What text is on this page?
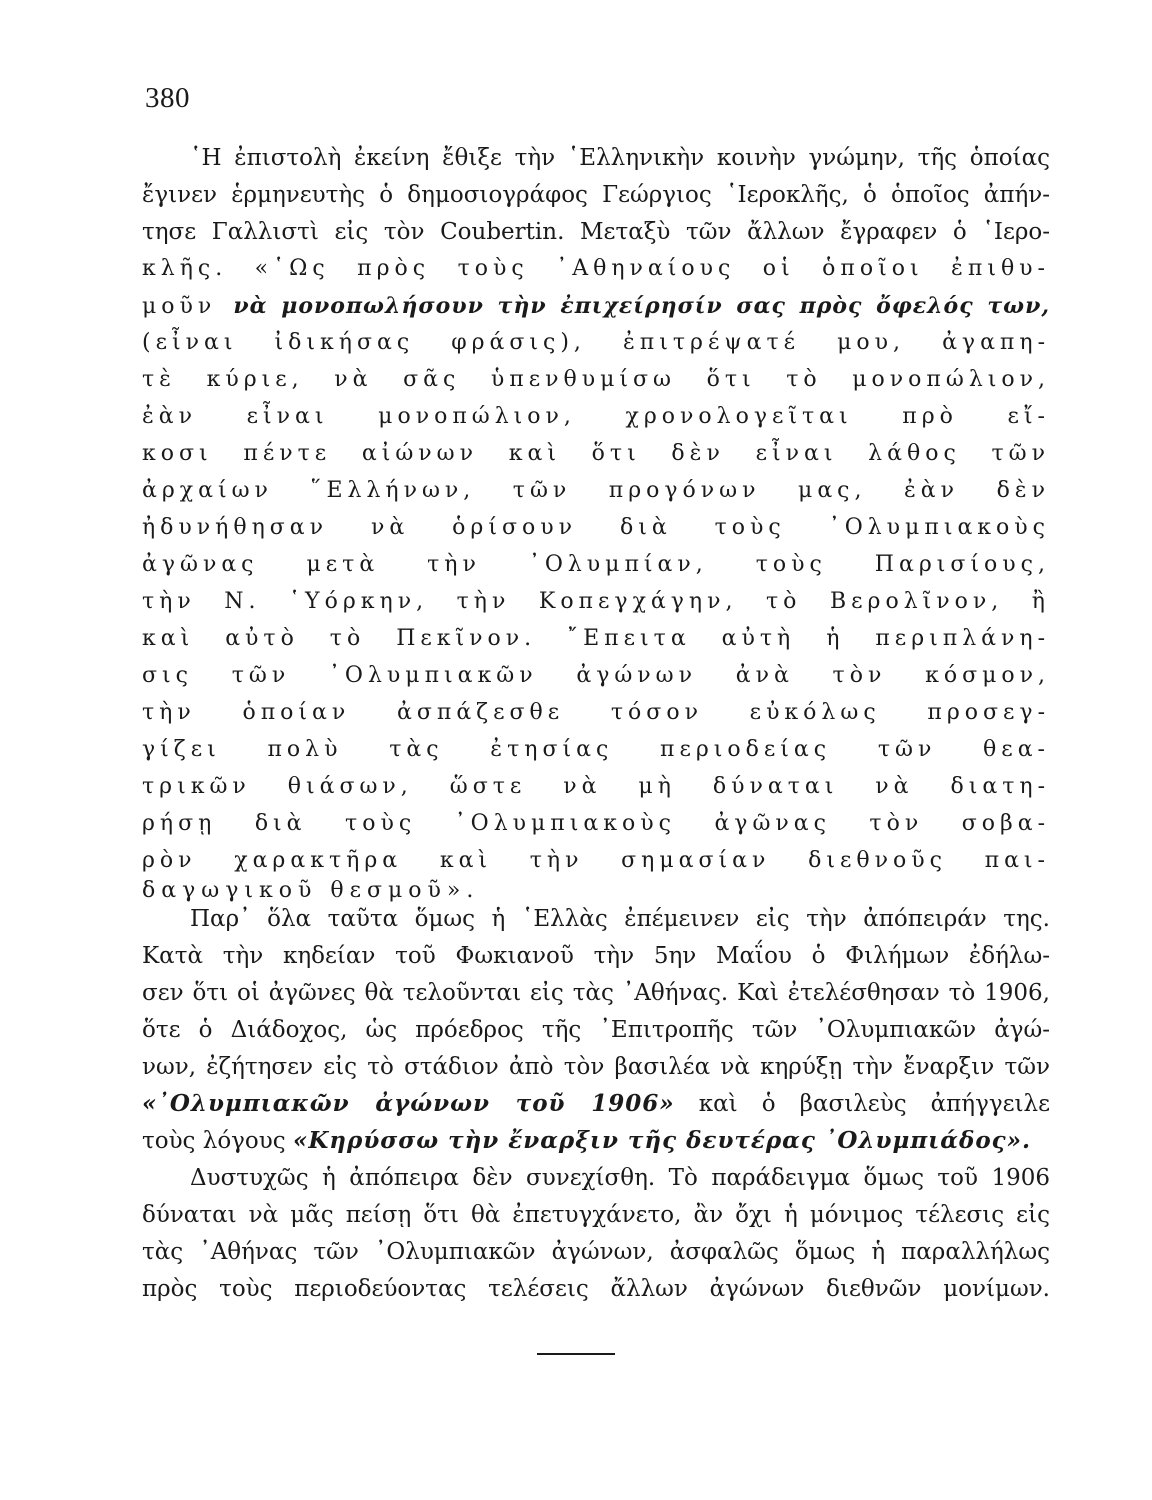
380
῾Η ἐπιστολὴ ἐκείνη ἔθιξε τὴν ῾Ελληνικὴν κοινὴν γνώμην, τῆς ὁποίας
ἔγινεν ἑρμηνευτὴς ὁ δημοσιογράφος Γεώργιος ῾Ιεροκλῆς, ὁ ὁποῖος ἀπήν-
τησε Γαλλιστὶ εἰς τὸν Coubertin. Μεταξὺ τῶν ἄλλων ἔγραφεν ὁ ῾Ιερο-
κλῆς. «῾Ως πρὸς τοὺς ᾿Αθηναίους οἱ ὁποῖοι ἐπιθυ-
μοῦν νὰ μονοπωλήσουν τὴν ἐπιχείρησίν σας πρὸς ὄφελός των,
(εἶναι ἰδικήσας φράσις), ἐπιτρέψατέ μου, ἀγαπη-
τὲ κύριε, νὰ σᾶς ὑπενθυμίσω ὅτι τὸ μονοπώλιον,
ἐὰν εἶναι μονοπώλιον, χρονολογεῖται πρὸ εἴ-
κοσι πέντε αἰώνων καὶ ὅτι δὲν εἶναι λάθος τῶν
ἀρχαίων ῞Ελλήνων, τῶν προγόνων μας, ἐὰν δὲν
ἠδυνήθησαν νὰ ὁρίσουν διὰ τοὺς ᾿Ολυμπιακοὺς
ἀγῶνας μετὰ τὴν ᾿Ολυμπίαν, τοὺς Παρισίους,
τὴν Ν. ῾Υόρκην, τὴν Κοπεγχάγην, τὸ Βερολῖνον, ἢ
καὶ αὐτὸ τὸ Πεκῖνον. ῎Επειτα αὐτὴ ἡ περιπλάνη-
σις τῶν ᾿Ολυμπιακῶν ἀγώνων ἀνὰ τὸν κόσμον,
τὴν ὁποίαν ἀσπάζεσθε τόσον εὐκόλως προσεγ-
γίζει πολὺ τὰς ἐτησίας περιοδείας τῶν θεα-
τρικῶν θιάσων, ὥστε νὰ μὴ δύναται νὰ διατη-
ρήσῃ διὰ τοὺς ᾿Ολυμπιακοὺς ἀγῶνας τὸν σοβα-
ρὸν χαρακτῆρα καὶ τὴν σημασίαν διεθνοῦς παι-
δαγωγικοῦ θεσμοῦ».
Παρ᾿ ὅλα ταῦτα ὅμως ἡ ῾Ελλὰς ἐπέμεινεν εἰς τὴν ἀπόπειράν της.
Κατὰ τὴν κηδείαν τοῦ Φωκιανοῦ τὴν 5ην Μαΐου ὁ Φιλήμων ἐδήλω-
σεν ὅτι οἱ ἀγῶνες θὰ τελοῦνται εἰς τὰς ᾿Αθήνας. Καὶ ἐτελέσθησαν τὸ 1906,
ὅτε ὁ Διάδοχος, ὡς πρόεδρος τῆς ᾿Επιτροπῆς τῶν ᾿Ολυμπιακῶν ἀγώ-
νων, ἐζήτησεν εἰς τὸ στάδιον ἀπὸ τὸν βασιλέα νὰ κηρύξῃ τὴν ἔναρξιν τῶν
«᾿Ολυμπιακῶν ἀγώνων τοῦ 1906» καὶ ὁ βασιλεὺς ἀπήγγειλε
τοὺς λόγους «Κηρύσσω τὴν ἔναρξιν τῆς δευτέρας ᾿Ολυμπιάδος».
Δυστυχῶς ἡ ἀπόπειρα δὲν συνεχίσθη. Τὸ παράδειγμα ὅμως τοῦ 1906
δύναται νὰ μᾶς πείσῃ ὅτι θὰ ἐπετυγχάνετο, ἂν ὄχι ἡ μόνιμος τέλεσις εἰς
τὰς ᾿Αθήνας τῶν ᾿Ολυμπιακῶν ἀγώνων, ἀσφαλῶς ὅμως ἡ παραλλήλως
πρὸς τοὺς περιοδεύοντας τελέσεις ἄλλων ἀγώνων διεθνῶν μονίμων.
